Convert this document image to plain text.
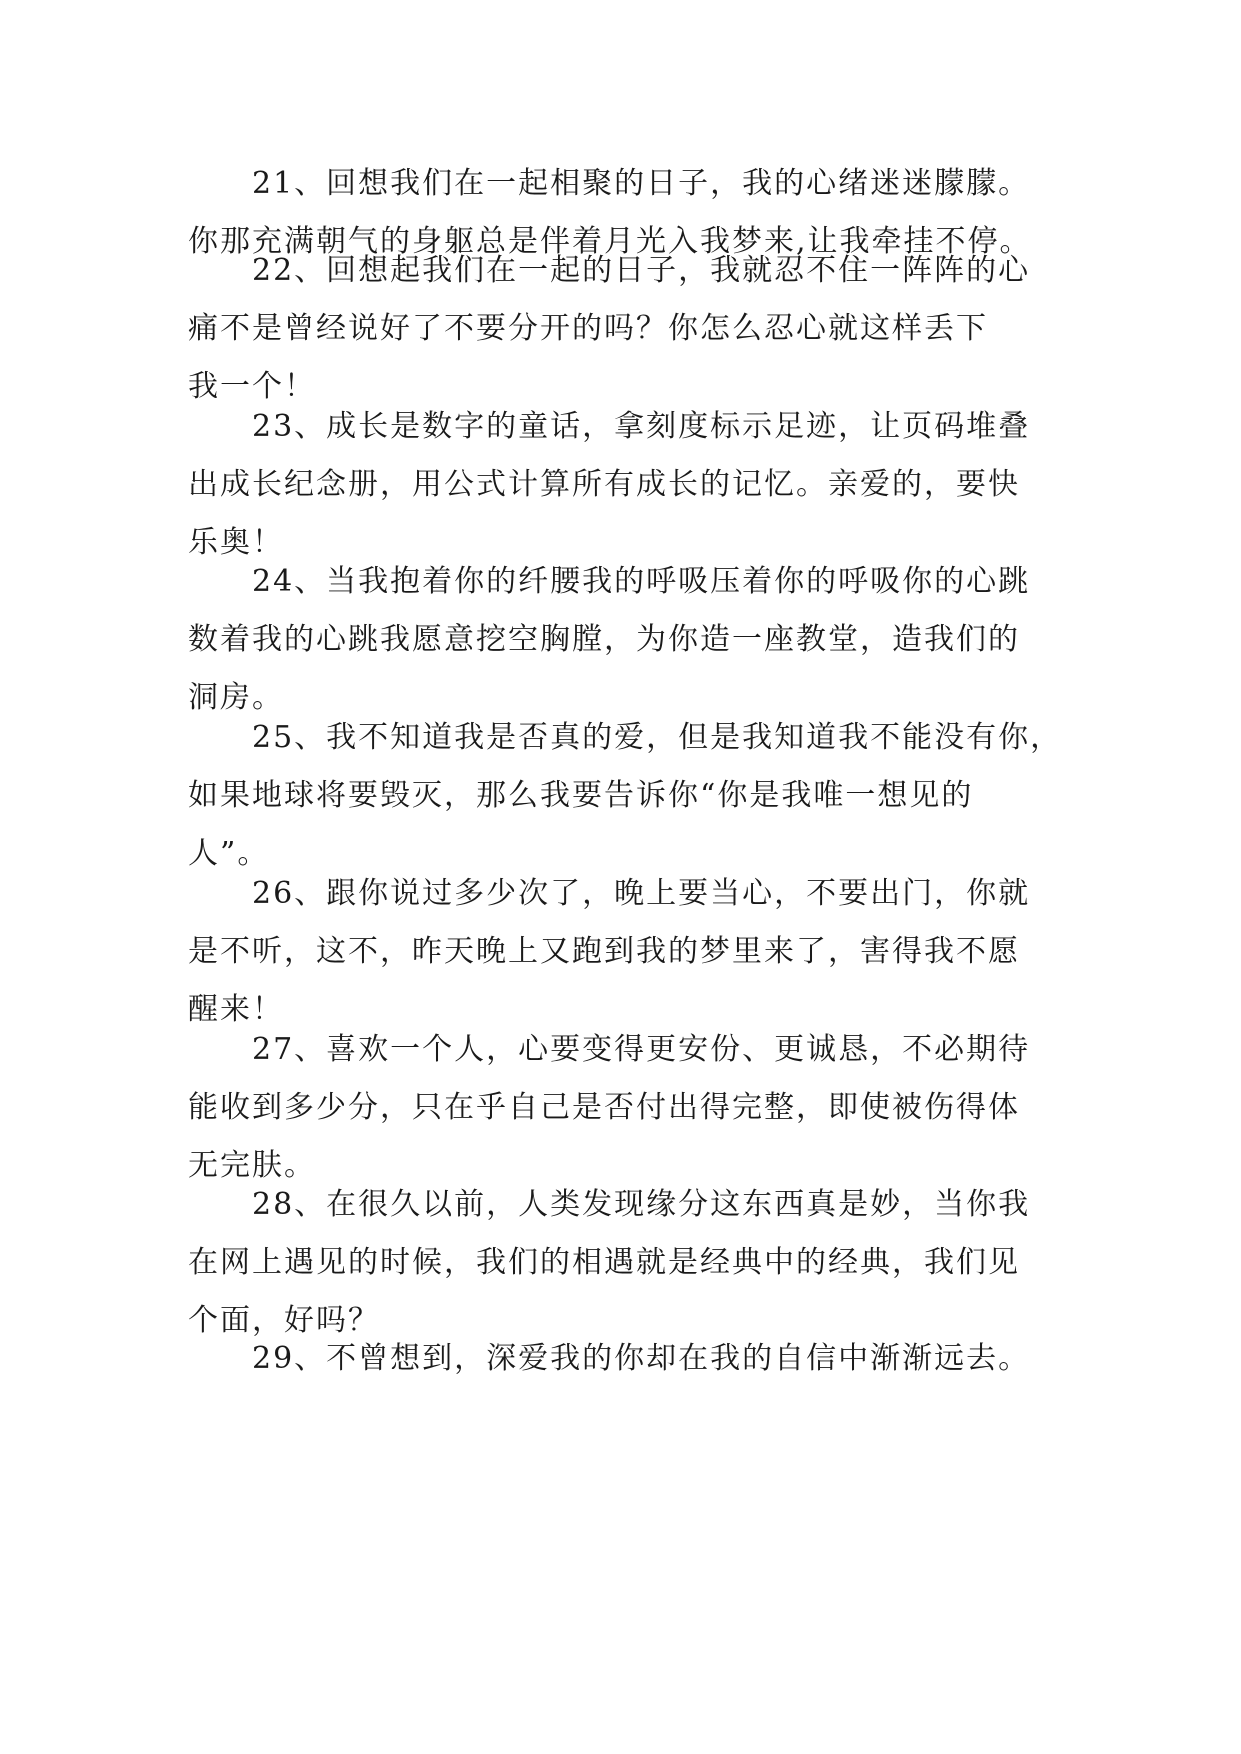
21、回想我们在一起相聚的日子，我的心绪迷迷朦朦。
你那充满朝气的身躯总是伴着月光入我梦来,让我牵挂不停。
22、回想起我们在一起的日子，我就忍不住一阵阵的心
痛不是曾经说好了不要分开的吗？你怎么忍心就这样丢下
我一个！
23、成长是数字的童话，拿刻度标示足迹，让页码堆叠
出成长纪念册，用公式计算所有成长的记忆。亲爱的，要快
乐奥！
24、当我抱着你的纤腰我的呼吸压着你的呼吸你的心跳
数着我的心跳我愿意挖空胸膛，为你造一座教堂，造我们的
洞房。
25、我不知道我是否真的爱，但是我知道我不能没有你，
如果地球将要毁灭，那么我要告诉你“你是我唯一想见的
人”。
26、跟你说过多少次了，晚上要当心，不要出门，你就
是不听，这不，昨天晚上又跑到我的梦里来了，害得我不愿
醒来！
27、喜欢一个人，心要变得更安份、更诚恳，不必期待
能收到多少分，只在乎自己是否付出得完整，即使被伤得体
无完肤。
28、在很久以前，人类发现缘分这东西真是妙，当你我
在网上遇见的时候，我们的相遇就是经典中的经典，我们见
个面，好吗？
29、不曾想到，深爱我的你却在我的自信中渐渐远去。
